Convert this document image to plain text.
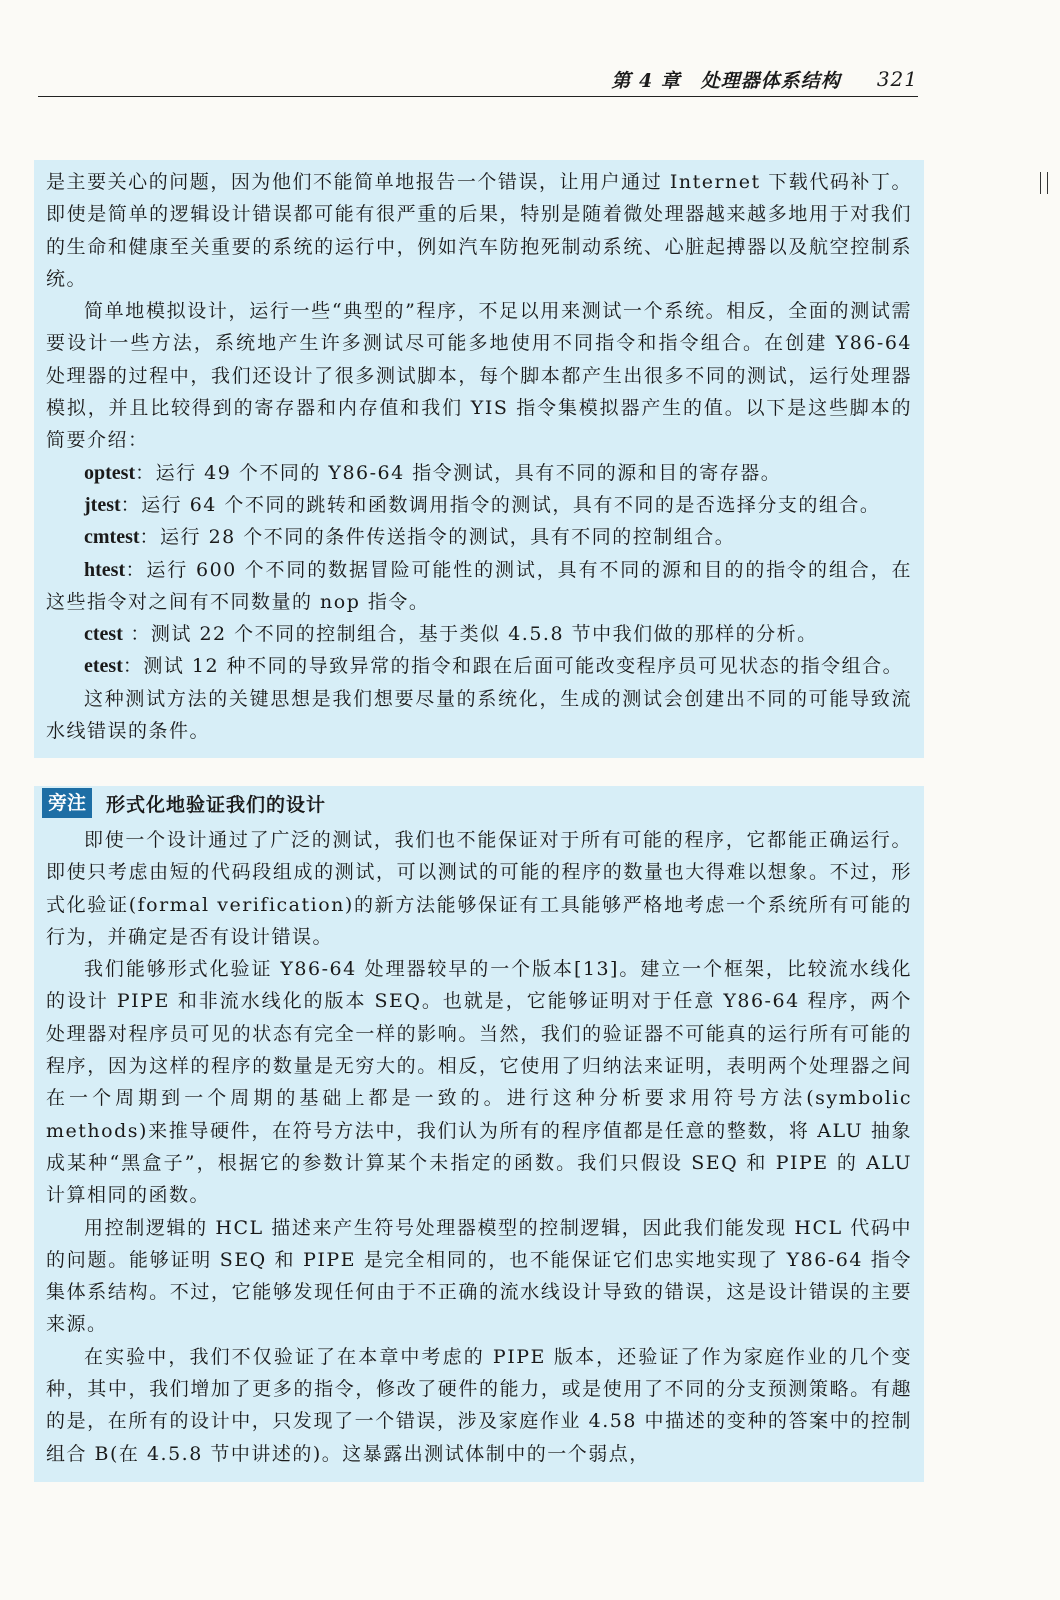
第 4 章　处理器体系结构 321

是主要关心的问题，因为他们不能简单地报告一个错误，让用户通过 Internet 下载代码补丁。即使是简单的逻辑设计错误都可能有很严重的后果，特别是随着微处理器越来越多地用于对我们的生命和健康至关重要的系统的运行中，例如汽车防抱死制动系统、心脏起搏器以及航空控制系统。

简单地模拟设计，运行一些“典型的”程序，不足以用来测试一个系统。相反，全面的测试需要设计一些方法，系统地产生许多测试尽可能多地使用不同指令和指令组合。在创建 Y86-64 处理器的过程中，我们还设计了很多测试脚本，每个脚本都产生出很多不同的测试，运行处理器模拟，并且比较得到的寄存器和内存值和我们 YIS 指令集模拟器产生的值。以下是这些脚本的简要介绍：

optest：运行 49 个不同的 Y86-64 指令测试，具有不同的源和目的寄存器。

jtest：运行 64 个不同的跳转和函数调用指令的测试，具有不同的是否选择分支的组合。

cmtest：运行 28 个不同的条件传送指令的测试，具有不同的控制组合。

htest：运行 600 个不同的数据冒险可能性的测试，具有不同的源和目的的指令的组合，在这些指令对之间有不同数量的 nop 指令。

ctest ：测试 22 个不同的控制组合，基于类似 4.5.8 节中我们做的那样的分析。

etest：测试 12 种不同的导致异常的指令和跟在后面可能改变程序员可见状态的指令组合。

这种测试方法的关键思想是我们想要尽量的系统化，生成的测试会创建出不同的可能导致流水线错误的条件。

旁注	形式化地验证我们的设计

即使一个设计通过了广泛的测试，我们也不能保证对于所有可能的程序，它都能正确运行。即使只考虑由短的代码段组成的测试，可以测试的可能的程序的数量也大得难以想象。不过，形式化验证(formal verification)的新方法能够保证有工具能够严格地考虑一个系统所有可能的行为，并确定是否有设计错误。

我们能够形式化验证 Y86-64 处理器较早的一个版本[13]。建立一个框架，比较流水线化的设计 PIPE 和非流水线化的版本 SEQ。也就是，它能够证明对于任意 Y86-64 程序，两个处理器对程序员可见的状态有完全一样的影响。当然，我们的验证器不可能真的运行所有可能的程序，因为这样的程序的数量是无穷大的。相反，它使用了归纳法来证明，表明两个处理器之间在一个周期到一个周期的基础上都是一致的。进行这种分析要求用符号方法(symbolic methods)来推导硬件，在符号方法中，我们认为所有的程序值都是任意的整数，将 ALU 抽象成某种“黑盒子”，根据它的参数计算某个未指定的函数。我们只假设 SEQ 和 PIPE 的 ALU 计算相同的函数。

用控制逻辑的 HCL 描述来产生符号处理器模型的控制逻辑，因此我们能发现 HCL 代码中的问题。能够证明 SEQ 和 PIPE 是完全相同的，也不能保证它们忠实地实现了 Y86-64 指令集体系结构。不过，它能够发现任何由于不正确的流水线设计导致的错误，这是设计错误的主要来源。

在实验中，我们不仅验证了在本章中考虑的 PIPE 版本，还验证了作为家庭作业的几个变种，其中，我们增加了更多的指令，修改了硬件的能力，或是使用了不同的分支预测策略。有趣的是，在所有的设计中，只发现了一个错误，涉及家庭作业 4.58 中描述的变种的答案中的控制组合 B(在 4.5.8 节中讲述的)。这暴露出测试体制中的一个弱点，
